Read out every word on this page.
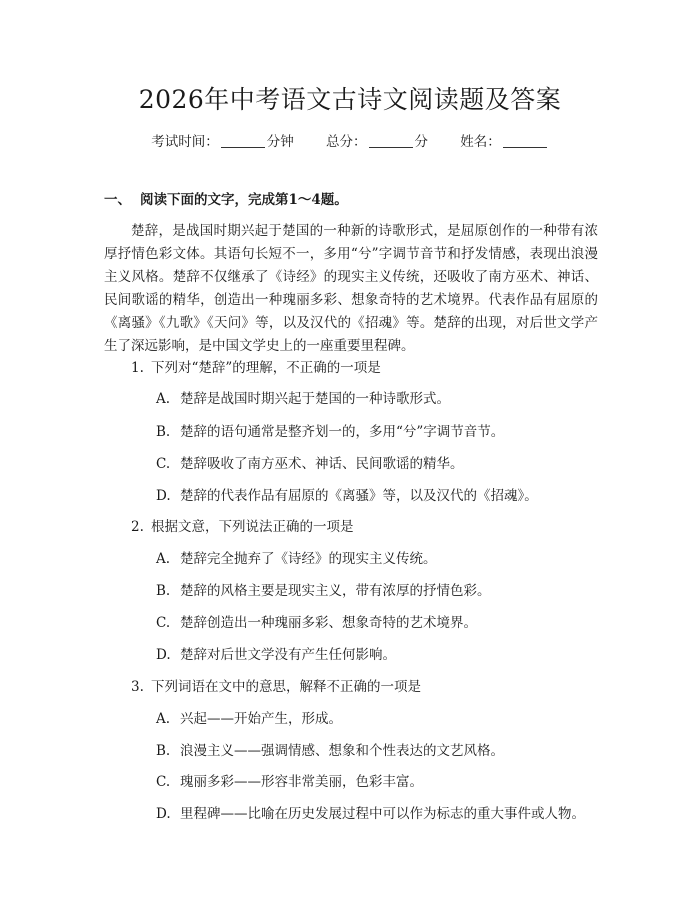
2026年中考语文古诗文阅读题及答案
考试时间：	分钟 总分：	分 姓名：
一、 阅读下面的文字，完成第1～4题。

楚辞，是战国时期兴起于楚国的一种新的诗歌形式，是屈原创作的一种带有浓厚抒情色彩文体。其语句长短不一，多用“兮”字调节音节和抒发情感，表现出浪漫主义风格。楚辞不仅继承了《诗经》的现实主义传统，还吸收了南方巫术、神话、民间歌谣的精华，创造出一种瑰丽多彩、想象奇特的艺术境界。代表作品有屈原的《离骚》《九歌》《天问》等，以及汉代的《招魂》等。楚辞的出现，对后世文学产生了深远影响，是中国文学史上的一座重要里程碑。

1. 下列对“楚辞”的理解，不正确的一项是
A. 楚辞是战国时期兴起于楚国的一种诗歌形式。
B. 楚辞的语句通常是整齐划一的，多用“兮”字调节音节。
C. 楚辞吸收了南方巫术、神话、民间歌谣的精华。
D. 楚辞的代表作品有屈原的《离骚》等，以及汉代的《招魂》。
2. 根据文意，下列说法正确的一项是
A. 楚辞完全抛弃了《诗经》的现实主义传统。
B. 楚辞的风格主要是现实主义，带有浓厚的抒情色彩。
C. 楚辞创造出一种瑰丽多彩、想象奇特的艺术境界。
D. 楚辞对后世文学没有产生任何影响。
3. 下列词语在文中的意思，解释不正确的一项是
A. 兴起——开始产生，形成。
B. 浪漫主义——强调情感、想象和个性表达的文艺风格。
C. 瑰丽多彩——形容非常美丽，色彩丰富。
D. 里程碑——比喻在历史发展过程中可以作为标志的重大事件或人物。
